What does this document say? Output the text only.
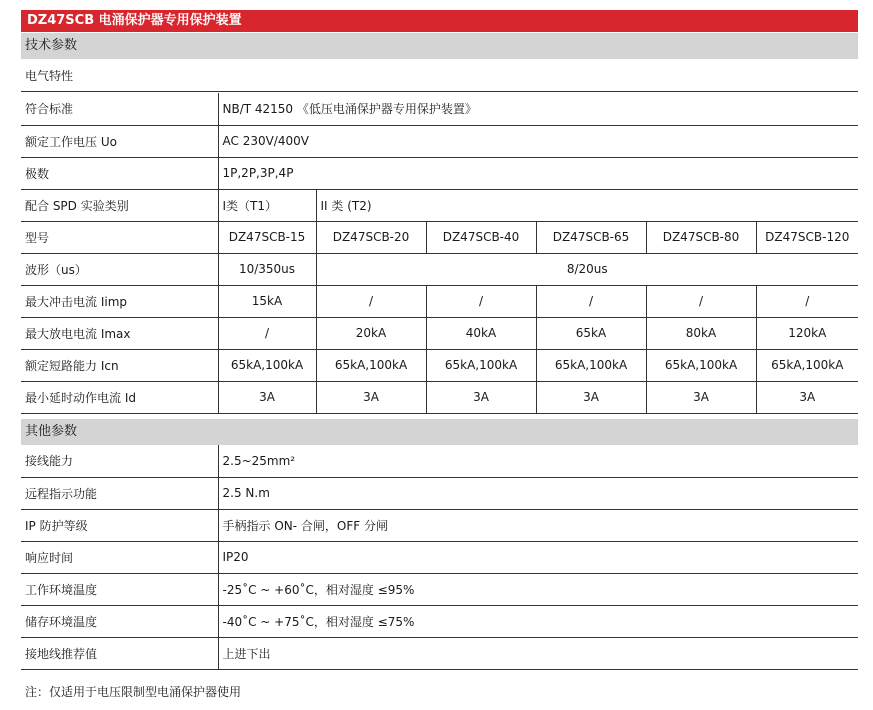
DZ47SCB 电涌保护器专用保护装置
技术参数
电气特性
符合标准	NB/T 42150 《低压电涌保护器专用保护装置》					
额定工作电压 Uo	AC 230V/400V					
极数	1P,2P,3P,4P					
配合 SPD 实验类别	Ⅰ类（T1）	II 类 (T2)				
型号	DZ47SCB-15	DZ47SCB-20	DZ47SCB-40	DZ47SCB-65	DZ47SCB-80	DZ47SCB-120
波形（us）	10/350us	8/20us				
最大冲击电流 Iimp	15kA	/	/	/	/	/
最大放电电流 Imax	/	20kA	40kA	65kA	80kA	120kA
额定短路能力 Icn	65kA,100kA	65kA,100kA	65kA,100kA	65kA,100kA	65kA,100kA	65kA,100kA
最小延时动作电流 Id	3A	3A	3A	3A	3A	3A
其他参数
接线能力	2.5~25mm²
远程指示功能	2.5 N.m
IP 防护等级	手柄指示 ON- 合闸，OFF 分闸
响应时间	IP20
工作环境温度	-25˚C ~ +60˚C，相对湿度 ≤95%
储存环境温度	-40˚C ~ +75˚C，相对湿度 ≤75%
接地线推荐值	上进下出
注：仅适用于电压限制型电涌保护器使用
